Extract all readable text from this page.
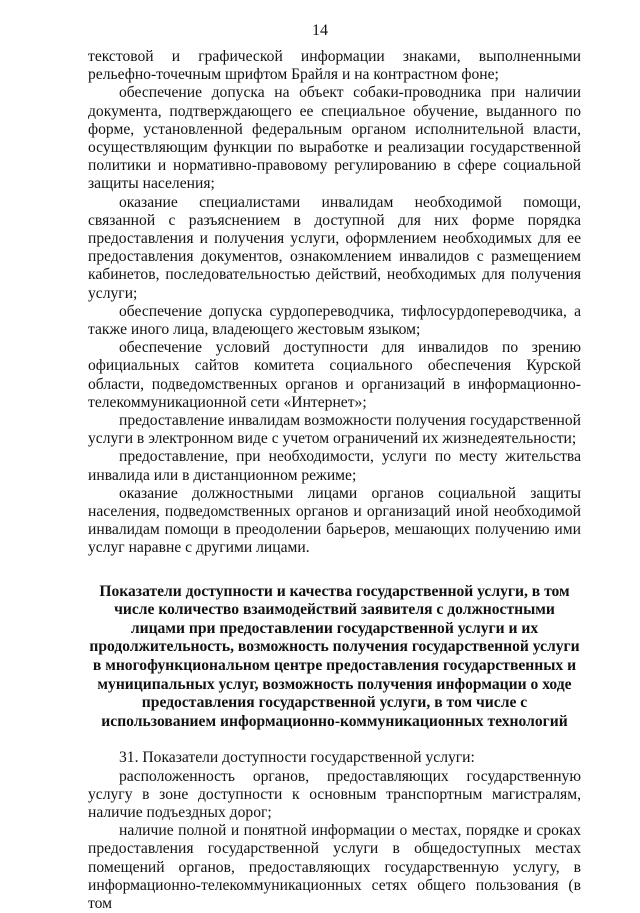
14

текстовой и графической информации знаками, выполненными рельефно-точечным шрифтом Брайля и на контрастном фоне;

обеспечение допуска на объект собаки-проводника при наличии документа, подтверждающего ее специальное обучение, выданного по форме, установленной федеральным органом исполнительной власти, осуществляющим функции по выработке и реализации государственной политики и нормативно-правовому регулированию в сфере социальной защиты населения;

оказание специалистами инвалидам необходимой помощи, связанной с разъяснением в доступной для них форме порядка предоставления и получения услуги, оформлением необходимых для ее предоставления документов, ознакомлением инвалидов с размещением кабинетов, последовательностью действий, необходимых для получения услуги;

обеспечение допуска сурдопереводчика, тифлосурдопереводчика, а также иного лица, владеющего жестовым языком;

обеспечение условий доступности для инвалидов по зрению официальных сайтов комитета социального обеспечения Курской области, подведомственных органов и организаций в информационно-телекоммуникационной сети «Интернет»;

предоставление инвалидам возможности получения государственной услуги в электронном виде с учетом ограничений их жизнедеятельности;

предоставление, при необходимости, услуги по месту жительства инвалида или в дистанционном режиме;

оказание должностными лицами органов социальной защиты населения, подведомственных органов и организаций иной необходимой инвалидам помощи в преодолении барьеров, мешающих получению ими услуг наравне с другими лицами.

Показатели доступности и качества государственной услуги, в том числе количество взаимодействий заявителя с должностными лицами при предоставлении государственной услуги и их продолжительность, возможность получения государственной услуги в многофункциональном центре предоставления государственных и муниципальных услуг, возможность получения информации о ходе предоставления государственной услуги, в том числе с использованием информационно-коммуникационных технологий

31. Показатели доступности государственной услуги:

расположенность органов, предоставляющих государственную услугу в зоне доступности к основным транспортным магистралям, наличие подъездных дорог;

наличие полной и понятной информации о местах, порядке и сроках предоставления государственной услуги в общедоступных местах помещений органов, предоставляющих государственную услугу, в информационно-телекоммуникационных сетях общего пользования (в том
